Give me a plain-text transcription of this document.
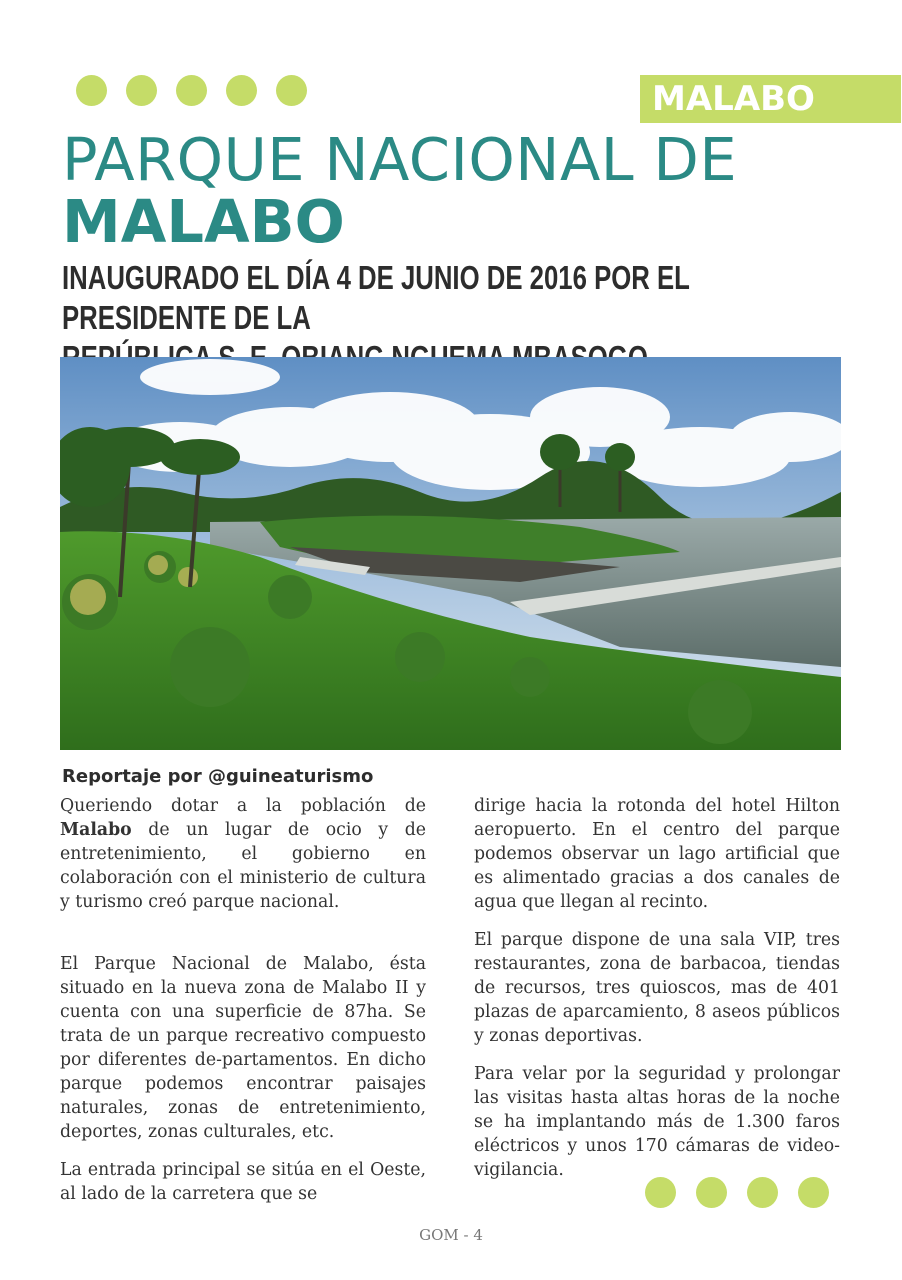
MALABO
PARQUE NACIONAL DE
MALABO
INAUGURADO EL DÍA 4 DE JUNIO DE 2016 POR EL PRESIDENTE DE LA
Reportaje por @guineaturismo

Queriendo dotar a la población de Malabo de un lugar de ocio y de entretenimiento, el gobierno en colaboración con el ministerio de cultura y turismo creó parque nacional.

El Parque Nacional de Malabo, ésta situado en la nueva zona de Malabo II y cuenta con una superficie de 87ha. Se trata de un parque recreativo compuesto por diferentes de-partamentos. En dicho parque podemos encontrar paisajes naturales, zonas de entretenimiento, deportes, zonas culturales, etc.

La entrada principal se sitúa en el Oeste, al lado de la carretera que se

dirige hacia la rotonda del hotel Hilton aeropuerto. En el centro del parque podemos observar un lago artificial que es alimentado gracias a dos canales de agua que llegan al recinto.

El parque dispone de una sala VIP, tres restaurantes, zona de barbacoa, tiendas de recursos, tres quioscos, mas de 401 plazas de aparcamiento, 8 aseos públicos y zonas deportivas.

Para velar por la seguridad y prolongar las visitas hasta altas horas de la noche se ha implantando más de 1.300 faros eléctricos y unos 170 cámaras de video-vigilancia.

GOM - 4
